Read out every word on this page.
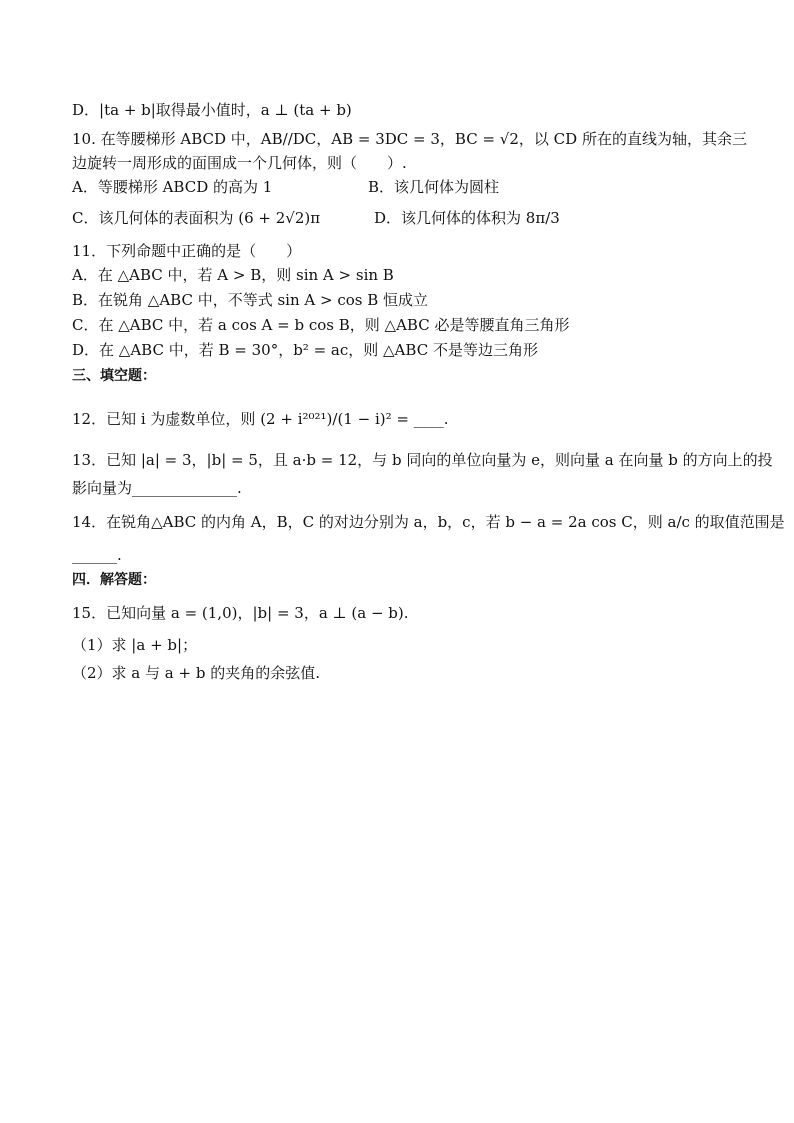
D．|ta + b|取得最小值时，a ⊥ (ta + b)
10. 在等腰梯形 ABCD 中，AB//DC，AB = 3DC = 3，BC = √2，以 CD 所在的直线为轴，其余三
边旋转一周形成的面围成一个几何体，则（　　）.
A．等腰梯形 ABCD 的高为 1	B．该几何体为圆柱
C．该几何体的表面积为 (6 + 2√2)π	D．该几何体的体积为 8π/3
11．下列命题中正确的是（　　）
A．在 △ABC 中，若 A > B，则 sin A > sin B
B．在锐角 △ABC 中，不等式 sin A > cos B 恒成立
C．在 △ABC 中，若 a cos A = b cos B，则 △ABC 必是等腰直角三角形
D．在 △ABC 中，若 B = 30°，b² = ac，则 △ABC 不是等边三角形
三、填空题：
12．已知 i 为虚数单位，则 (2 + i²⁰²¹)/(1 − i)² = ____.
13．已知 |a| = 3，|b| = 5，且 a·b = 12，与 b 同向的单位向量为 e，则向量 a 在向量 b 的方向上的投
影向量为______________.
14．在锐角△ABC 的内角 A，B，C 的对边分别为 a，b，c，若 b − a = 2a cos C，则 a/c 的取值范围是
______.
四．解答题：
15．已知向量 a = (1,0)，|b| = 3，a ⊥ (a − b).
（1）求 |a + b|；
（2）求 a 与 a + b 的夹角的余弦值.
